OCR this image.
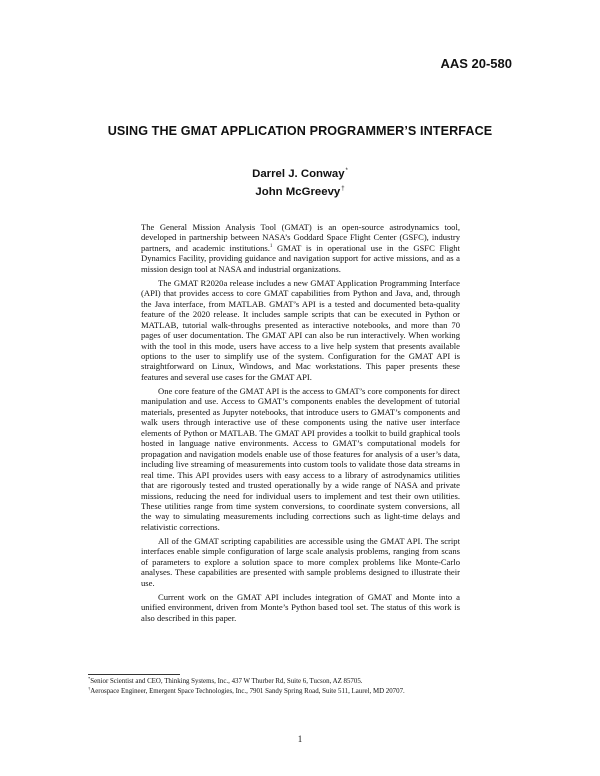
AAS 20-580
USING THE GMAT APPLICATION PROGRAMMER’S INTERFACE
Darrel J. Conway*
John McGreevy†

The General Mission Analysis Tool (GMAT) is an open-source astrodynamics tool, developed in partnership between NASA’s Goddard Space Flight Center (GSFC), industry partners, and academic institutions.$^1$ GMAT is in operational use in the GSFC Flight Dynamics Facility, providing guidance and navigation support for active missions, and as a mission design tool at NASA and industrial organizations.

The GMAT R2020a release includes a new GMAT Application Programming Interface (API) that provides access to core GMAT capabilities from Python and Java, and, through the Java interface, from MATLAB. GMAT’s API is a tested and documented beta-quality feature of the 2020 release. It includes sample scripts that can be executed in Python or MATLAB, tutorial walk-throughs presented as interactive notebooks, and more than 70 pages of user documentation. The GMAT API can also be run interactively. When working with the tool in this mode, users have access to a live help system that presents available options to the user to simplify use of the system. Configuration for the GMAT API is straightforward on Linux, Windows, and Mac workstations. This paper presents these features and several use cases for the GMAT API.

One core feature of the GMAT API is the access to GMAT’s core components for direct manipulation and use. Access to GMAT’s components enables the development of tutorial materials, presented as Jupyter notebooks, that introduce users to GMAT’s components and walk users through interactive use of these components using the native user interface elements of Python or MATLAB. The GMAT API provides a toolkit to build graphical tools hosted in language native environments. Access to GMAT’s computational models for propagation and navigation models enable use of those features for analysis of a user’s data, including live streaming of measurements into custom tools to validate those data streams in real time. This API provides users with easy access to a library of astrodynamics utilities that are rigorously tested and trusted operationally by a wide range of NASA and private missions, reducing the need for individual users to implement and test their own utilities. These utilities range from time system conversions, to coordinate system conversions, all the way to simulating measurements including corrections such as light-time delays and relativistic corrections.

All of the GMAT scripting capabilities are accessible using the GMAT API. The script interfaces enable simple configuration of large scale analysis problems, ranging from scans of parameters to explore a solution space to more complex problems like Monte-Carlo analyses. These capabilities are presented with sample problems designed to illustrate their use.

Current work on the GMAT API includes integration of GMAT and Monte into a unified environment, driven from Monte’s Python based tool set. The status of this work is also described in this paper.

*Senior Scientist and CEO, Thinking Systems, Inc., 437 W Thurber Rd, Suite 6, Tucson, AZ 85705.

†Aerospace Engineer, Emergent Space Technologies, Inc., 7901 Sandy Spring Road, Suite 511, Laurel, MD 20707.

1
